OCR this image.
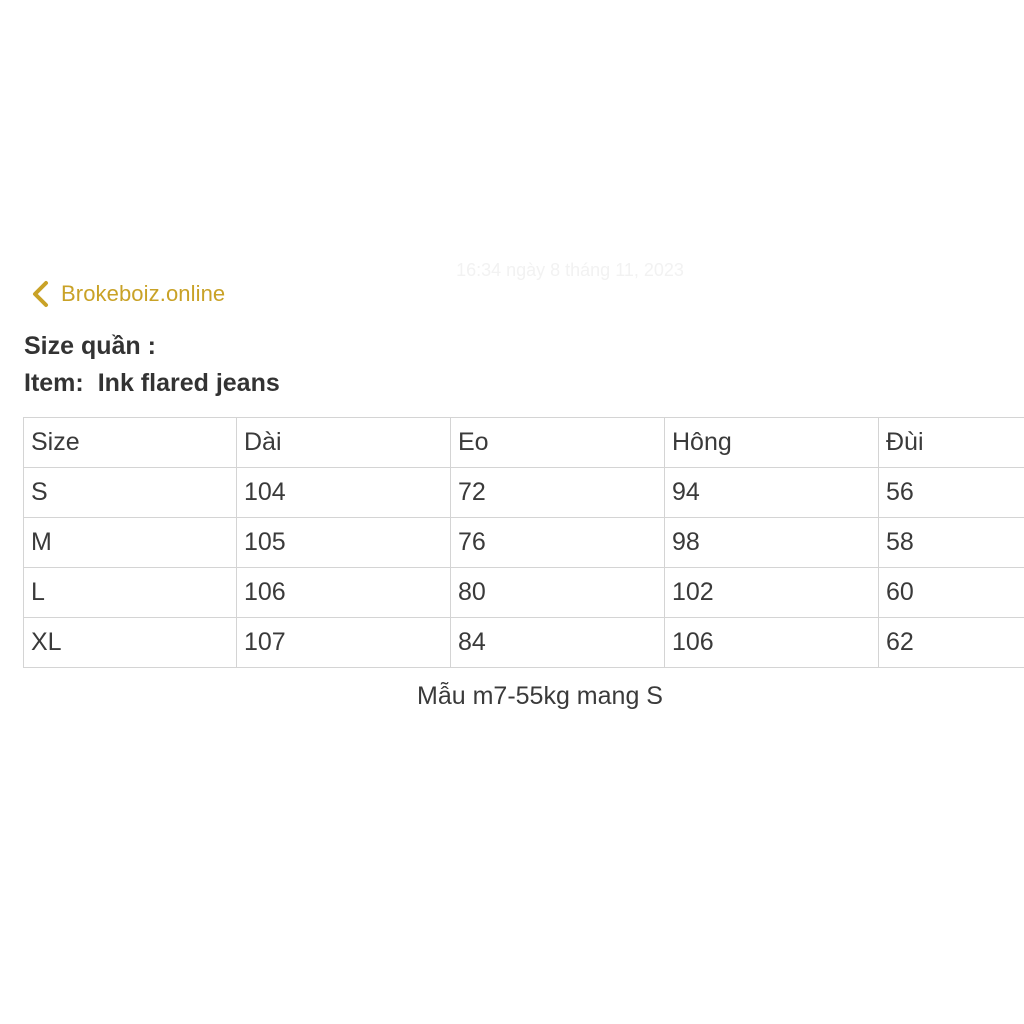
16:34 ngày 8 tháng 11, 2023
Brokeboiz.online
Size quần :
Item: Ink flared jeans
Size	Dài	Eo	Hông	Đùi
S	104	72	94	56
M	105	76	98	58
L	106	80	102	60
XL	107	84	106	62
Mẫu m7-55kg mang S
